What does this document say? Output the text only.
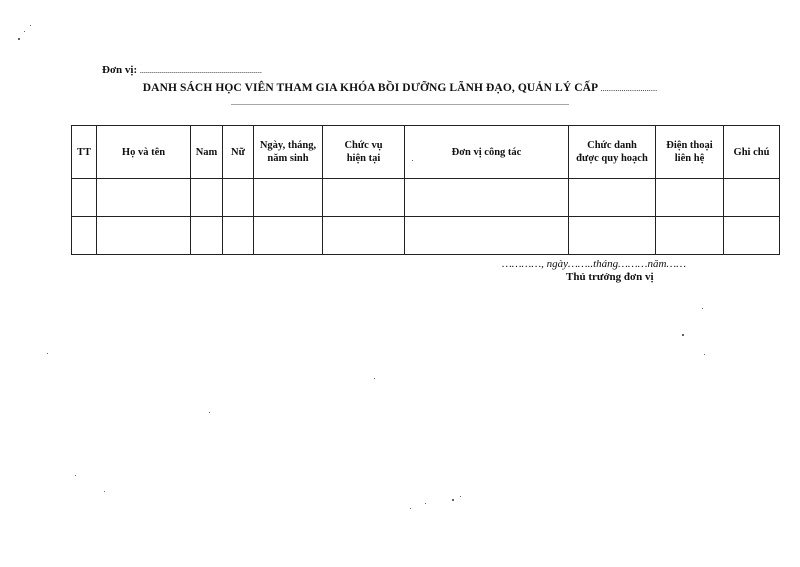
Đơn vị: .............................................................
DANH SÁCH HỌC VIÊN THAM GIA KHÓA BỒI DƯỠNG LÃNH ĐẠO, QUẢN LÝ CẤP ...........................
.........................................................................................................................................................................
TT	Họ và tên	Nam	Nữ	Ngày, tháng, năm sinh	Chức vụ hiện tại	Đơn vị công tác	Chức danh được quy hoạch	Điện thoại liên hệ	Ghi chú

…………, ngày……..tháng………năm……
Thủ trưởng đơn vị
